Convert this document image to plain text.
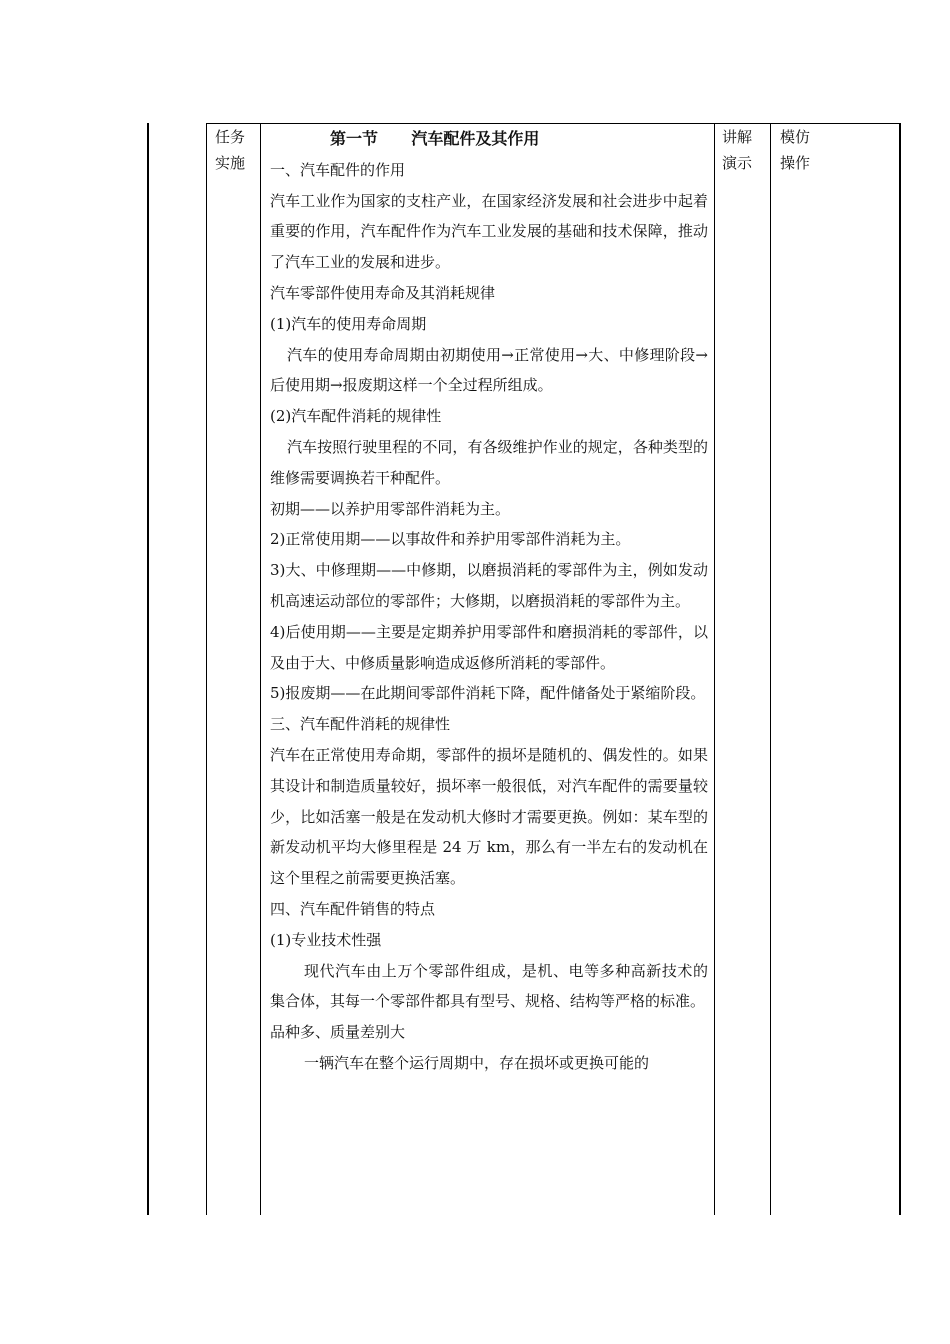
任务
实施
讲解
演示
模仿
操作
第一节      汽车配件及其作用

一、汽车配件的作用

汽车工业作为国家的支柱产业，在国家经济发展和社会进步中起着重要的作用，汽车配件作为汽车工业发展的基础和技术保障，推动了汽车工业的发展和进步。

汽车零部件使用寿命及其消耗规律

(1)汽车的使用寿命周期

汽车的使用寿命周期由初期使用→正常使用→大、中修理阶段→后使用期→报废期这样一个全过程所组成。

(2)汽车配件消耗的规律性

汽车按照行驶里程的不同，有各级维护作业的规定，各种类型的维修需要调换若干种配件。

初期——以养护用零部件消耗为主。

2)正常使用期——以事故件和养护用零部件消耗为主。

3)大、中修理期——中修期，以磨损消耗的零部件为主，例如发动机高速运动部位的零部件；大修期，以磨损消耗的零部件为主。

4)后使用期——主要是定期养护用零部件和磨损消耗的零部件，以及由于大、中修质量影响造成返修所消耗的零部件。

5)报废期——在此期间零部件消耗下降，配件储备处于紧缩阶段。

三、汽车配件消耗的规律性

汽车在正常使用寿命期，零部件的损坏是随机的、偶发性的。如果其设计和制造质量较好，损坏率一般很低，对汽车配件的需要量较少，比如活塞一般是在发动机大修时才需要更换。例如：某车型的新发动机平均大修里程是 24 万 km，那么有一半左右的发动机在这个里程之前需要更换活塞。

四、汽车配件销售的特点

(1)专业技术性强

现代汽车由上万个零部件组成，是机、电等多种高新技术的集合体，其每一个零部件都具有型号、规格、结构等严格的标准。

品种多、质量差别大

一辆汽车在整个运行周期中，存在损坏或更换可能的
